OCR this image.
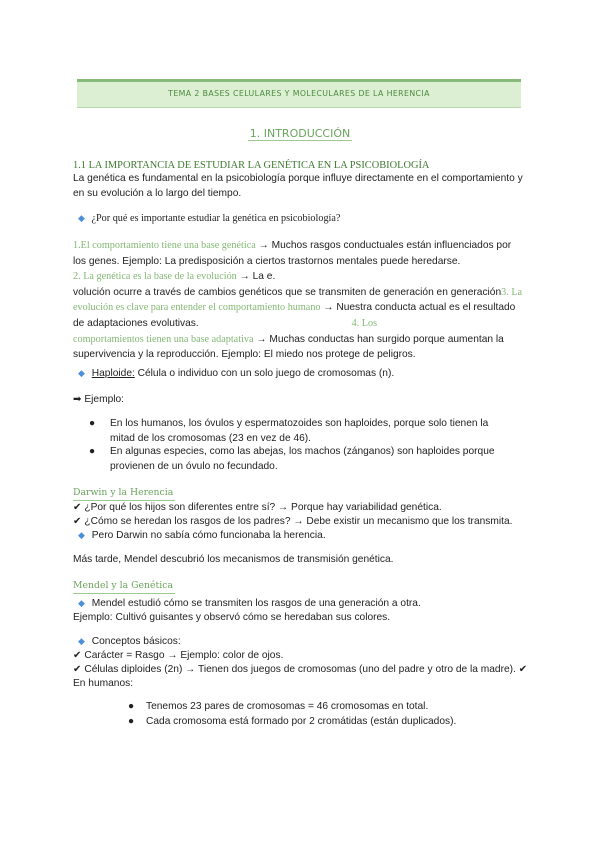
TEMA 2 BASES CELULARES Y MOLECULARES DE LA HERENCIA
1. INTRODUCCIÓN
1.1 LA IMPORTANCIA DE ESTUDIAR LA GENÉTICA EN LA PSICOBIOLOGÍA
La genética es fundamental en la psicobiología porque influye directamente en el comportamiento y en su evolución a lo largo del tiempo.
◆ ¿Por qué es importante estudiar la genética en psicobiología?
1.El comportamiento tiene una base genética → Muchos rasgos conductuales están influenciados por los genes. Ejemplo: La predisposición a ciertos trastornos mentales puede heredarse.
2. La genética es la base de la evolución → La e.
volución ocurre a través de cambios genéticos que se transmiten de generación en generación3. La evolución es clave para entender el comportamiento humano → Nuestra conducta actual es el resultado de adaptaciones evolutivas.	4. Los
comportamientos tienen una base adaptativa → Muchas conductas han surgido porque aumentan la supervivencia y la reproducción. Ejemplo: El miedo nos protege de peligros.
◆ Haploide: Célula o individuo con un solo juego de cromosomas (n).
➡ Ejemplo:
●	En los humanos, los óvulos y espermatozoides son haploides, porque solo tienen la mitad de los cromosomas (23 en vez de 46).
●	En algunas especies, como las abejas, los machos (zánganos) son haploides porque provienen de un óvulo no fecundado.
Darwin y la Herencia
✔ ¿Por qué los hijos son diferentes entre sí? → Porque hay variabilidad genética.
✔ ¿Cómo se heredan los rasgos de los padres? → Debe existir un mecanismo que los transmita.
◆ Pero Darwin no sabía cómo funcionaba la herencia.
Más tarde, Mendel descubrió los mecanismos de transmisión genética.
Mendel y la Genética
◆ Mendel estudió cómo se transmiten los rasgos de una generación a otra.
Ejemplo: Cultivó guisantes y observó cómo se heredaban sus colores.
◆ Conceptos básicos:
✔ Carácter = Rasgo → Ejemplo: color de ojos.
✔ Células diploides (2n) → Tienen dos juegos de cromosomas (uno del padre y otro de la madre). ✔
En humanos:
●	Tenemos 23 pares de cromosomas = 46 cromosomas en total.
●	Cada cromosoma está formado por 2 cromátidas (están duplicados).
